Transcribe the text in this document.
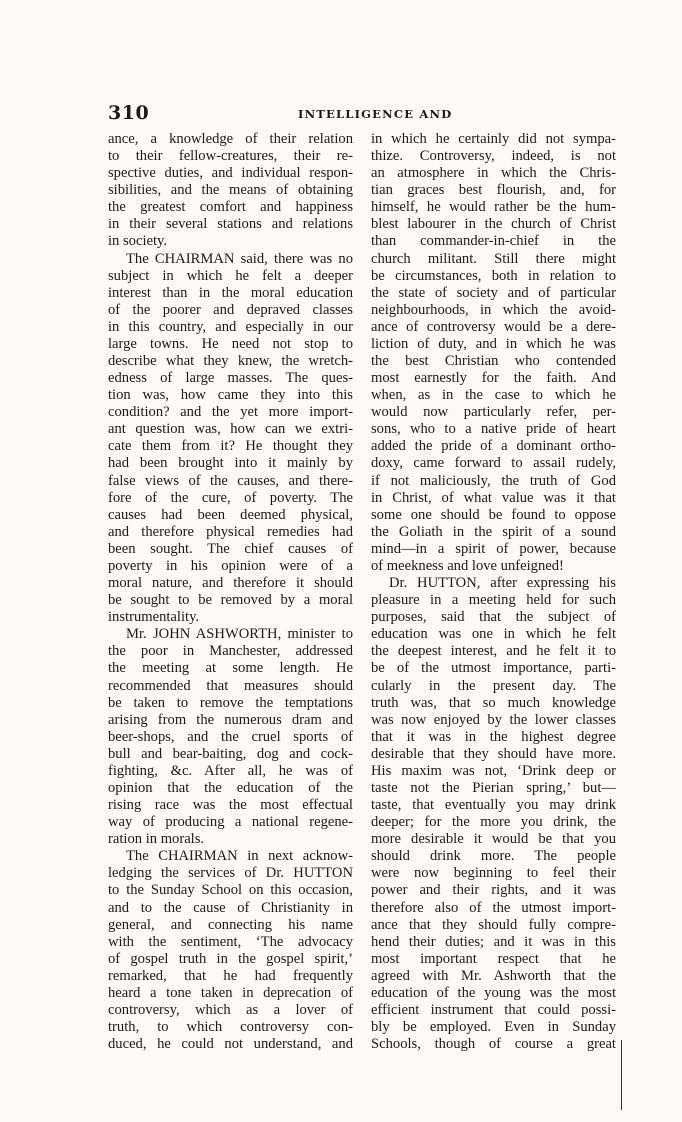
310	INTELLIGENCE AND
ance, a knowledge of their relation
to their fellow-creatures, their re-
spective duties, and individual respon-
sibilities, and the means of obtaining
the greatest comfort and happiness
in their several stations and relations
in society.
The CHAIRMAN said, there was no
subject in which he felt a deeper
interest than in the moral education
of the poorer and depraved classes
in this country, and especially in our
large towns. He need not stop to
describe what they knew, the wretch-
edness of large masses. The ques-
tion was, how came they into this
condition? and the yet more import-
ant question was, how can we extri-
cate them from it? He thought they
had been brought into it mainly by
false views of the causes, and there-
fore of the cure, of poverty. The
causes had been deemed physical,
and therefore physical remedies had
been sought. The chief causes of
poverty in his opinion were of a
moral nature, and therefore it should
be sought to be removed by a moral
instrumentality.
Mr. JOHN ASHWORTH, minister to
the poor in Manchester, addressed
the meeting at some length. He
recommended that measures should
be taken to remove the temptations
arising from the numerous dram and
beer-shops, and the cruel sports of
bull and bear-baiting, dog and cock-
fighting, &c. After all, he was of
opinion that the education of the
rising race was the most effectual
way of producing a national regene-
ration in morals.
The CHAIRMAN in next acknow-
ledging the services of Dr. HUTTON
to the Sunday School on this occasion,
and to the cause of Christianity in
general, and connecting his name
with the sentiment, ‘The advocacy
of gospel truth in the gospel spirit,’
remarked, that he had frequently
heard a tone taken in deprecation of
controversy, which as a lover of
truth, to which controversy con-
duced, he could not understand, and
in which he certainly did not sympa-
thize. Controversy, indeed, is not
an atmosphere in which the Chris-
tian graces best flourish, and, for
himself, he would rather be the hum-
blest labourer in the church of Christ
than commander-in-chief in the
church militant. Still there might
be circumstances, both in relation to
the state of society and of particular
neighbourhoods, in which the avoid-
ance of controversy would be a dere-
liction of duty, and in which he was
the best Christian who contended
most earnestly for the faith. And
when, as in the case to which he
would now particularly refer, per-
sons, who to a native pride of heart
added the pride of a dominant ortho-
doxy, came forward to assail rudely,
if not maliciously, the truth of God
in Christ, of what value was it that
some one should be found to oppose
the Goliath in the spirit of a sound
mind—in a spirit of power, because
of meekness and love unfeigned!
Dr. HUTTON, after expressing his
pleasure in a meeting held for such
purposes, said that the subject of
education was one in which he felt
the deepest interest, and he felt it to
be of the utmost importance, parti-
cularly in the present day. The
truth was, that so much knowledge
was now enjoyed by the lower classes
that it was in the highest degree
desirable that they should have more.
His maxim was not, ‘Drink deep or
taste not the Pierian spring,’ but—
taste, that eventually you may drink
deeper; for the more you drink, the
more desirable it would be that you
should drink more. The people
were now beginning to feel their
power and their rights, and it was
therefore also of the utmost import-
ance that they should fully compre-
hend their duties; and it was in this
most important respect that he
agreed with Mr. Ashworth that the
education of the young was the most
efficient instrument that could possi-
bly be employed. Even in Sunday
Schools, though of course a great
